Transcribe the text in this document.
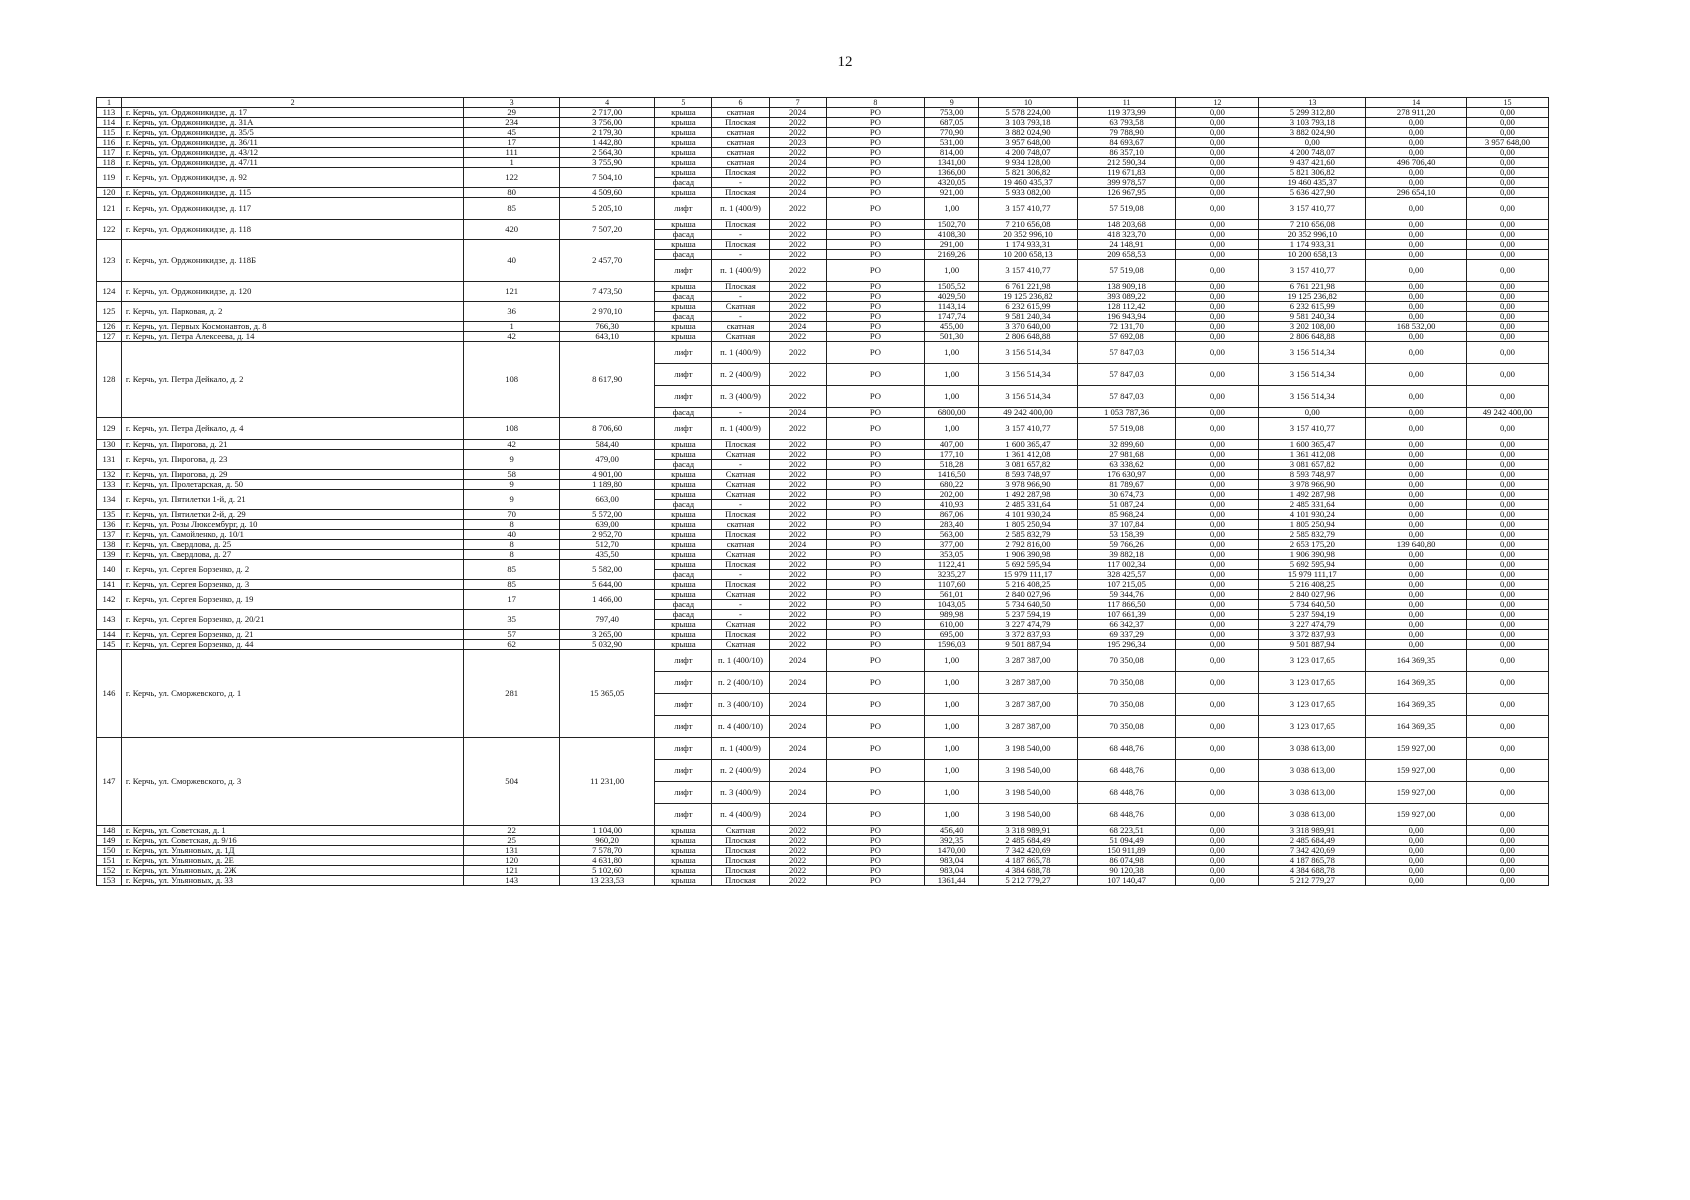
12
1	2	3	4	5	6	7	8	9	10	11	12	13	14	15
113	г. Керчь, ул. Орджоникидзе, д. 17	29	2 717,00	крыша	скатная	2024	РО	753,00	5 578 224,00	119 373,99	0,00	5 299 312,80	278 911,20	0,00
114	г. Керчь, ул. Орджоникидзе, д. 31А	234	3 756,00	крыша	Плоская	2022	РО	687,05	3 103 793,18	63 793,58	0,00	3 103 793,18	0,00	0,00
115	г. Керчь, ул. Орджоникидзе, д. 35/5	45	2 179,30	крыша	скатная	2022	РО	770,90	3 882 024,90	79 788,90	0,00	3 882 024,90	0,00	0,00
116	г. Керчь, ул. Орджоникидзе, д. 36/11	17	1 442,80	крыша	скатная	2023	РО	531,00	3 957 648,00	84 693,67	0,00	0,00	0,00	3 957 648,00
117	г. Керчь, ул. Орджоникидзе, д. 43/12	111	2 564,30	крыша	скатная	2022	РО	814,00	4 200 748,07	86 357,10	0,00	4 200 748,07	0,00	0,00
118	г. Керчь, ул. Орджоникидзе, д. 47/11	1	3 755,90	крыша	скатная	2024	РО	1341,00	9 934 128,00	212 590,34	0,00	9 437 421,60	496 706,40	0,00
119	г. Керчь, ул. Орджоникидзе, д. 92	122	7 504,10	крыша	Плоская	2022	РО	1366,00	5 821 306,82	119 671,83	0,00	5 821 306,82	0,00	0,00
				фасад	-	2022	РО	4320,05	19 460 435,37	399 978,57	0,00	19 460 435,37	0,00	0,00
120	г. Керчь, ул. Орджоникидзе, д. 115	80	4 509,60	крыша	Плоская	2024	РО	921,00	5 933 082,00	126 967,95	0,00	5 636 427,90	296 654,10	0,00
121	г. Керчь, ул. Орджоникидзе, д. 117	85	5 205,10	лифт	п. 1 (400/9)	2022	РО	1,00	3 157 410,77	57 519,08	0,00	3 157 410,77	0,00	0,00
122	г. Керчь, ул. Орджоникидзе, д. 118	420	7 507,20	крыша	Плоская	2022	РО	1502,70	7 210 656,08	148 203,68	0,00	7 210 656,08	0,00	0,00
				фасад	-	2022	РО	4108,30	20 352 996,10	418 323,70	0,00	20 352 996,10	0,00	0,00
123	г. Керчь, ул. Орджоникидзе, д. 118Б	40	2 457,70	крыша	Плоская	2022	РО	291,00	1 174 933,31	24 148,91	0,00	1 174 933,31	0,00	0,00
				фасад	-	2022	РО	2169,26	10 200 658,13	209 658,53	0,00	10 200 658,13	0,00	0,00
				лифт	п. 1 (400/9)	2022	РО	1,00	3 157 410,77	57 519,08	0,00	3 157 410,77	0,00	0,00
124	г. Керчь, ул. Орджоникидзе, д. 120	121	7 473,50	крыша	Плоская	2022	РО	1505,52	6 761 221,98	138 909,18	0,00	6 761 221,98	0,00	0,00
				фасад	-	2022	РО	4029,50	19 125 236,82	393 089,22	0,00	19 125 236,82	0,00	0,00
125	г. Керчь, ул. Парковая, д. 2	36	2 970,10	крыша	Скатная	2022	РО	1143,14	6 232 615,99	128 112,42	0,00	6 232 615,99	0,00	0,00
				фасад	-	2022	РО	1747,74	9 581 240,34	196 943,94	0,00	9 581 240,34	0,00	0,00
126	г. Керчь, ул. Первых Космонавтов, д. 8	1	766,30	крыша	скатная	2024	РО	455,00	3 370 640,00	72 131,70	0,00	3 202 108,00	168 532,00	0,00
127	г. Керчь, ул. Петра Алексеева, д. 14	42	643,10	крыша	Скатная	2022	РО	501,30	2 806 648,88	57 692,08	0,00	2 806 648,88	0,00	0,00
128	г. Керчь, ул. Петра Дейкало, д. 2	108	8 617,90	лифт	п. 1 (400/9)	2022	РО	1,00	3 156 514,34	57 847,03	0,00	3 156 514,34	0,00	0,00
				лифт	п. 2 (400/9)	2022	РО	1,00	3 156 514,34	57 847,03	0,00	3 156 514,34	0,00	0,00
				лифт	п. 3 (400/9)	2022	РО	1,00	3 156 514,34	57 847,03	0,00	3 156 514,34	0,00	0,00
				фасад	-	2024	РО	6800,00	49 242 400,00	1 053 787,36	0,00	0,00	0,00	49 242 400,00
129	г. Керчь, ул. Петра Дейкало, д. 4	108	8 706,60	лифт	п. 1 (400/9)	2022	РО	1,00	3 157 410,77	57 519,08	0,00	3 157 410,77	0,00	0,00
130	г. Керчь, ул. Пирогова, д. 21	42	584,40	крыша	Плоская	2022	РО	407,00	1 600 365,47	32 899,60	0,00	1 600 365,47	0,00	0,00
131	г. Керчь, ул. Пирогова, д. 23	9	479,00	крыша	Скатная	2022	РО	177,10	1 361 412,08	27 981,68	0,00	1 361 412,08	0,00	0,00
				фасад	-	2022	РО	518,28	3 081 657,82	63 338,62	0,00	3 081 657,82	0,00	0,00
132	г. Керчь, ул. Пирогова, д. 29	58	4 901,00	крыша	Скатная	2022	РО	1416,50	8 593 748,97	176 630,97	0,00	8 593 748,97	0,00	0,00
133	г. Керчь, ул. Пролетарская, д. 50	9	1 189,80	крыша	Скатная	2022	РО	680,22	3 978 966,90	81 789,67	0,00	3 978 966,90	0,00	0,00
134	г. Керчь, ул. Пятилетки 1-й, д. 21	9	663,00	крыша	Скатная	2022	РО	202,00	1 492 287,98	30 674,73	0,00	1 492 287,98	0,00	0,00
				фасад	-	2022	РО	410,93	2 485 331,64	51 087,24	0,00	2 485 331,64	0,00	0,00
135	г. Керчь, ул. Пятилетки 2-й, д. 29	70	5 572,00	крыша	Плоская	2022	РО	867,06	4 101 930,24	85 968,24	0,00	4 101 930,24	0,00	0,00
136	г. Керчь, ул. Розы Люксембург, д. 10	8	639,00	крыша	скатная	2022	РО	283,40	1 805 250,94	37 107,84	0,00	1 805 250,94	0,00	0,00
137	г. Керчь, ул. Самойленко, д. 10/1	40	2 952,70	крыша	Плоская	2022	РО	563,00	2 585 832,79	53 158,39	0,00	2 585 832,79	0,00	0,00
138	г. Керчь, ул. Свердлова, д. 25	8	512,70	крыша	скатная	2024	РО	377,00	2 792 816,00	59 766,26	0,00	2 653 175,20	139 640,80	0,00
139	г. Керчь, ул. Свердлова, д. 27	8	435,50	крыша	Скатная	2022	РО	353,05	1 906 390,98	39 882,18	0,00	1 906 390,98	0,00	0,00
140	г. Керчь, ул. Сергея Борзенко, д. 2	85	5 582,00	крыша	Плоская	2022	РО	1122,41	5 692 595,94	117 002,34	0,00	5 692 595,94	0,00	0,00
				фасад	-	2022	РО	3235,27	15 979 111,17	328 425,57	0,00	15 979 111,17	0,00	0,00
141	г. Керчь, ул. Сергея Борзенко, д. 3	85	5 644,00	крыша	Плоская	2022	РО	1107,60	5 216 408,25	107 215,05	0,00	5 216 408,25	0,00	0,00
142	г. Керчь, ул. Сергея Борзенко, д. 19	17	1 466,00	крыша	Скатная	2022	РО	561,01	2 840 027,96	59 344,76	0,00	2 840 027,96	0,00	0,00
				фасад	-	2022	РО	1043,05	5 734 640,50	117 866,50	0,00	5 734 640,50	0,00	0,00
143	г. Керчь, ул. Сергея Борзенко, д. 20/21	35	797,40	фасад	-	2022	РО	989,98	5 237 594,19	107 661,39	0,00	5 237 594,19	0,00	0,00
				крыша	Скатная	2022	РО	610,00	3 227 474,79	66 342,37	0,00	3 227 474,79	0,00	0,00
144	г. Керчь, ул. Сергея Борзенко, д. 21	57	3 265,00	крыша	Плоская	2022	РО	695,00	3 372 837,93	69 337,29	0,00	3 372 837,93	0,00	0,00
145	г. Керчь, ул. Сергея Борзенко, д. 44	62	5 032,90	крыша	Скатная	2022	РО	1596,03	9 501 887,94	195 296,34	0,00	9 501 887,94	0,00	0,00
146	г. Керчь, ул. Сморжевского, д. 1	281	15 365,05	лифт	п. 1 (400/10)	2024	РО	1,00	3 287 387,00	70 350,08	0,00	3 123 017,65	164 369,35	0,00
				лифт	п. 2 (400/10)	2024	РО	1,00	3 287 387,00	70 350,08	0,00	3 123 017,65	164 369,35	0,00
				лифт	п. 3 (400/10)	2024	РО	1,00	3 287 387,00	70 350,08	0,00	3 123 017,65	164 369,35	0,00
				лифт	п. 4 (400/10)	2024	РО	1,00	3 287 387,00	70 350,08	0,00	3 123 017,65	164 369,35	0,00
147	г. Керчь, ул. Сморжевского, д. 3	504	11 231,00	лифт	п. 1 (400/9)	2024	РО	1,00	3 198 540,00	68 448,76	0,00	3 038 613,00	159 927,00	0,00
				лифт	п. 2 (400/9)	2024	РО	1,00	3 198 540,00	68 448,76	0,00	3 038 613,00	159 927,00	0,00
				лифт	п. 3 (400/9)	2024	РО	1,00	3 198 540,00	68 448,76	0,00	3 038 613,00	159 927,00	0,00
				лифт	п. 4 (400/9)	2024	РО	1,00	3 198 540,00	68 448,76	0,00	3 038 613,00	159 927,00	0,00
148	г. Керчь, ул. Советская, д. 1	22	1 104,00	крыша	Скатная	2022	РО	456,40	3 318 989,91	68 223,51	0,00	3 318 989,91	0,00	0,00
149	г. Керчь, ул. Советская, д. 9/16	25	960,20	крыша	Плоская	2022	РО	392,35	2 485 684,49	51 094,49	0,00	2 485 684,49	0,00	0,00
150	г. Керчь, ул. Ульяновых, д. 1Д	131	7 578,70	крыша	Плоская	2022	РО	1470,00	7 342 420,69	150 911,89	0,00	7 342 420,69	0,00	0,00
151	г. Керчь, ул. Ульяновых, д. 2Е	120	4 631,80	крыша	Плоская	2022	РО	983,04	4 187 865,78	86 074,98	0,00	4 187 865,78	0,00	0,00
152	г. Керчь, ул. Ульяновых, д. 2Ж	121	5 102,60	крыша	Плоская	2022	РО	983,04	4 384 688,78	90 120,38	0,00	4 384 688,78	0,00	0,00
153	г. Керчь, ул. Ульяновых, д. 33	143	13 233,53	крыша	Плоская	2022	РО	1361,44	5 212 779,27	107 140,47	0,00	5 212 779,27	0,00	0,00
